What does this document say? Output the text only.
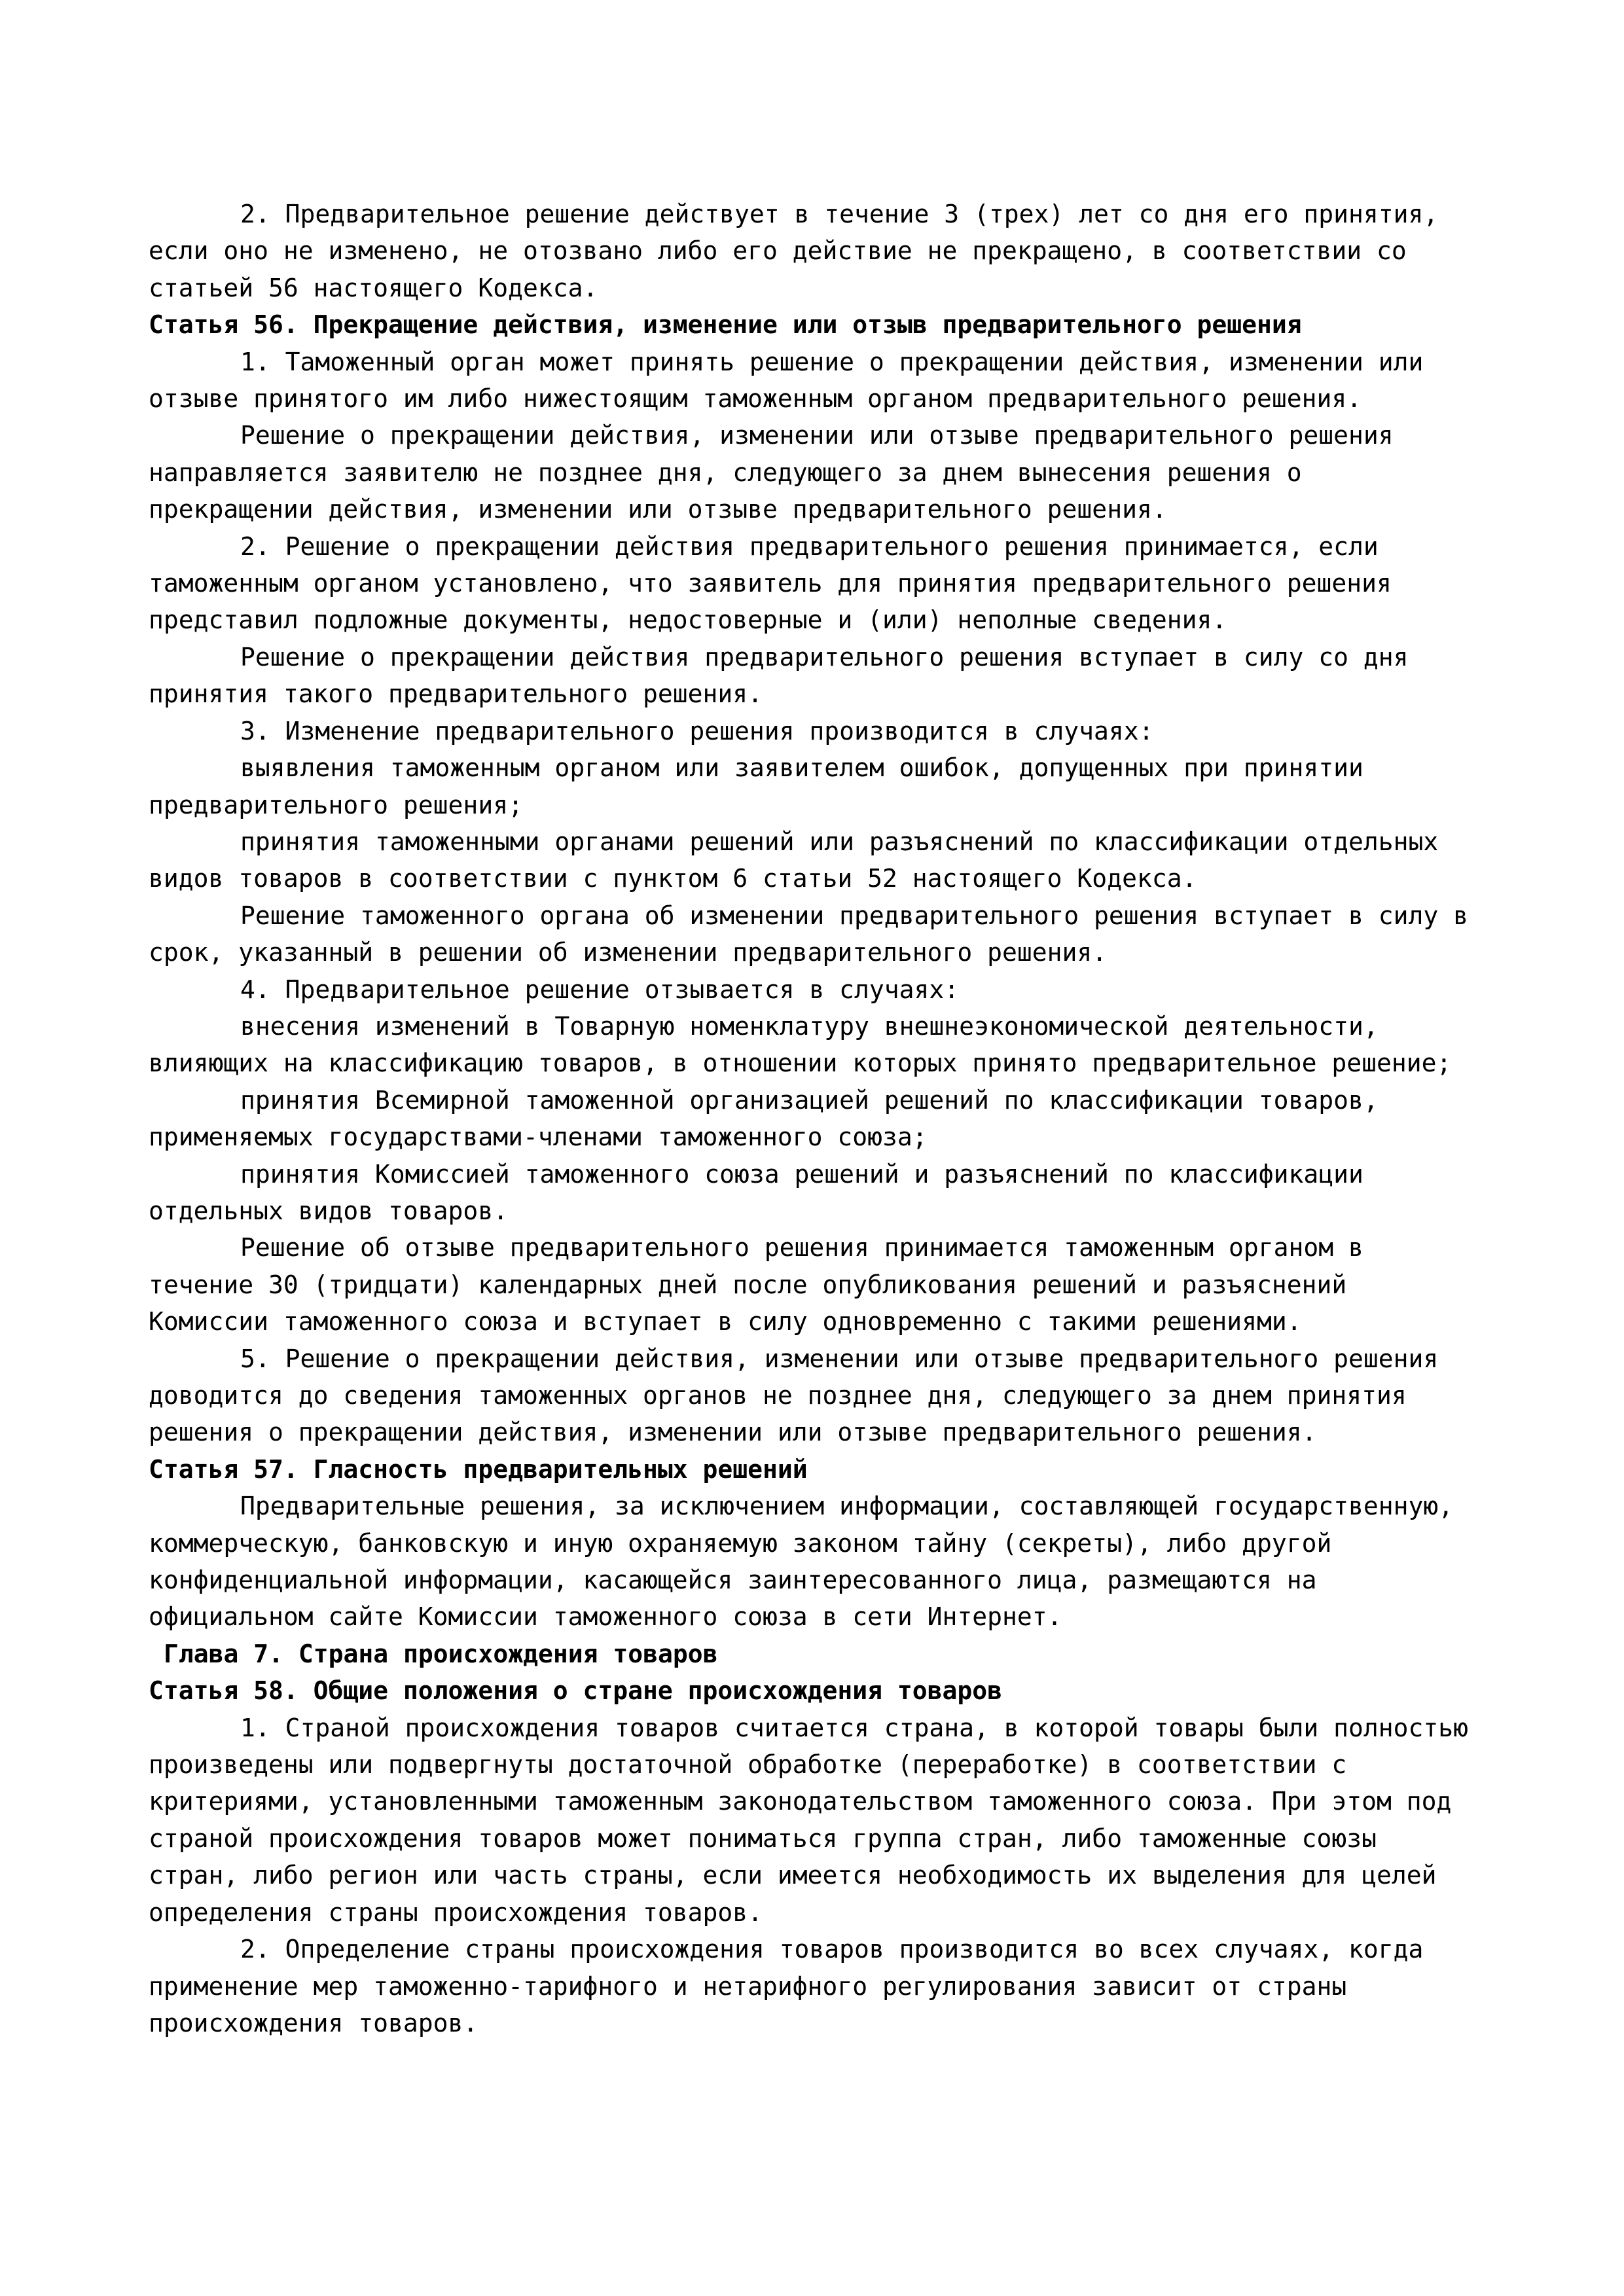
2. Предварительное решение действует в течение 3 (трех) лет со дня его принятия,
если оно не изменено, не отозвано либо его действие не прекращено, в соответствии со
статьей 56 настоящего Кодекса.
Статья 56. Прекращение действия, изменение или отзыв предварительного решения
1. Таможенный орган может принять решение о прекращении действия, изменении или
отзыве принятого им либо нижестоящим таможенным органом предварительного решения.
Решение о прекращении действия, изменении или отзыве предварительного решения
направляется заявителю не позднее дня, следующего за днем вынесения решения о
прекращении действия, изменении или отзыве предварительного решения.
2. Решение о прекращении действия предварительного решения принимается, если
таможенным органом установлено, что заявитель для принятия предварительного решения
представил подложные документы, недостоверные и (или) неполные сведения.
Решение о прекращении действия предварительного решения вступает в силу со дня
принятия такого предварительного решения.
3. Изменение предварительного решения производится в случаях:
выявления таможенным органом или заявителем ошибок, допущенных при принятии
предварительного решения;
принятия таможенными органами решений или разъяснений по классификации отдельных
видов товаров в соответствии с пунктом 6 статьи 52 настоящего Кодекса.
Решение таможенного органа об изменении предварительного решения вступает в силу в
срок, указанный в решении об изменении предварительного решения.
4. Предварительное решение отзывается в случаях:
внесения изменений в Товарную номенклатуру внешнеэкономической деятельности,
влияющих на классификацию товаров, в отношении которых принято предварительное решение;
принятия Всемирной таможенной организацией решений по классификации товаров,
применяемых государствами-членами таможенного союза;
принятия Комиссией таможенного союза решений и разъяснений по классификации
отдельных видов товаров.
Решение об отзыве предварительного решения принимается таможенным органом в
течение 30 (тридцати) календарных дней после опубликования решений и разъяснений
Комиссии таможенного союза и вступает в силу одновременно с такими решениями.
5. Решение о прекращении действия, изменении или отзыве предварительного решения
доводится до сведения таможенных органов не позднее дня, следующего за днем принятия
решения о прекращении действия, изменении или отзыве предварительного решения.
Статья 57. Гласность предварительных решений
Предварительные решения, за исключением информации, составляющей государственную,
коммерческую, банковскую и иную охраняемую законом тайну (секреты), либо другой
конфиденциальной информации, касающейся заинтересованного лица, размещаются на
официальном сайте Комиссии таможенного союза в сети Интернет.
Глава 7. Страна происхождения товаров
Статья 58. Общие положения о стране происхождения товаров
1. Страной происхождения товаров считается страна, в которой товары были полностью
произведены или подвергнуты достаточной обработке (переработке) в соответствии с
критериями, установленными таможенным законодательством таможенного союза. При этом под
страной происхождения товаров может пониматься группа стран, либо таможенные союзы
стран, либо регион или часть страны, если имеется необходимость их выделения для целей
определения страны происхождения товаров.
2. Определение страны происхождения товаров производится во всех случаях, когда
применение мер таможенно-тарифного и нетарифного регулирования зависит от страны
происхождения товаров.
